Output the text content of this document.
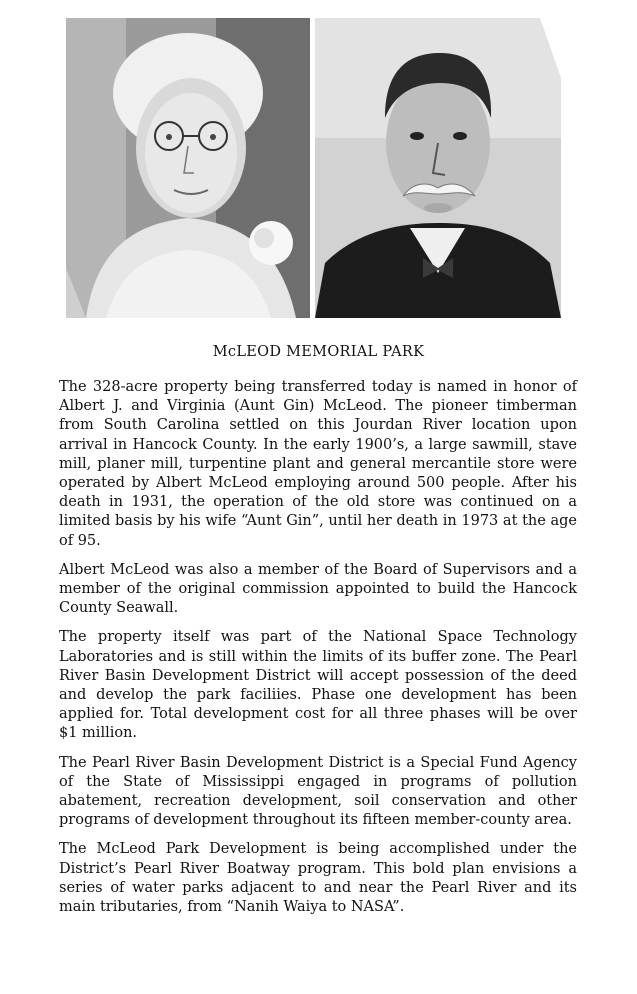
McLEOD MEMORIAL PARK

The 328-acre property being transferred today is named in honor of Albert J. and Virginia (Aunt Gin) McLeod. The pioneer timberman from South Carolina settled on this Jourdan River location upon arrival in Hancock County. In the early 1900’s, a large sawmill, stave mill, planer mill, turpentine plant and general mercantile store were operated by Albert McLeod employing around 500 people. After his death in 1931, the operation of the old store was continued on a limited basis by his wife “Aunt Gin”, until her death in 1973 at the age of 95.

Albert McLeod was also a member of the Board of Supervisors and a member of the original commission appointed to build the Hancock County Seawall.

The property itself was part of the National Space Technology Laboratories and is still within the limits of its buffer zone. The Pearl River Basin Development District will accept possession of the deed and develop the park faciliies. Phase one development has been applied for. Total development cost for all three phases will be over $1 million.

The Pearl River Basin Development District is a Special Fund Agency of the State of Mississippi engaged in programs of pollution abatement, recreation development, soil conservation and other programs of development throughout its fifteen member-county area.

The McLeod Park Development is being accomplished under the District’s Pearl River Boatway program. This bold plan envisions a series of water parks adjacent to and near the Pearl River and its main tributaries, from “Nanih Waiya to NASA”.
